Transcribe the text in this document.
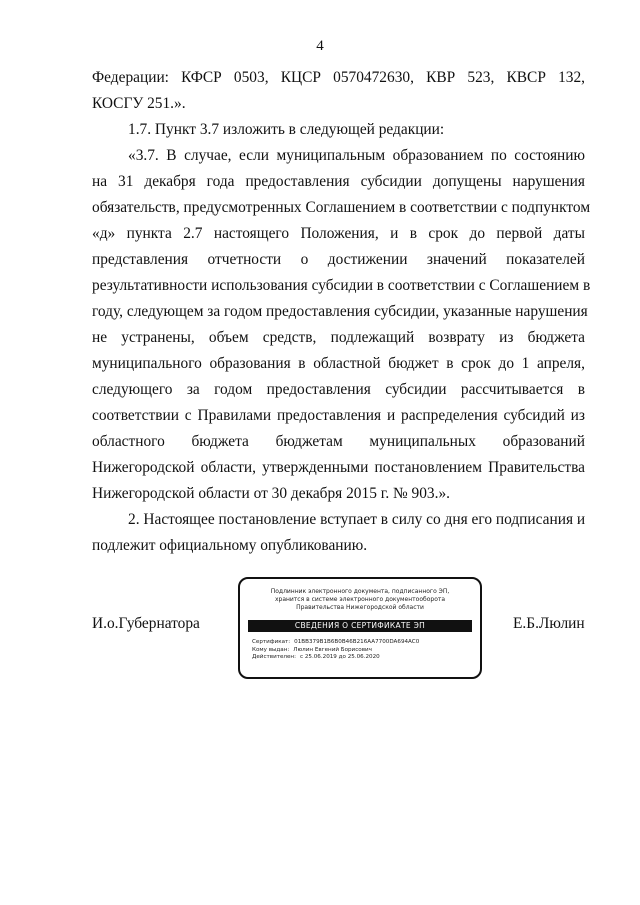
4
Федерации: КФСР 0503, КЦСР 0570472630, КВР 523, КВСР 132,
КОСГУ 251.».
1.7. Пункт 3.7 изложить в следующей редакции:
«3.7. В случае, если муниципальным образованием по состоянию
на 31 декабря года предоставления субсидии допущены нарушения
обязательств, предусмотренных Соглашением в соответствии с подпунктом
«д» пункта 2.7 настоящего Положения, и в срок до первой даты
представления отчетности о достижении значений показателей
результативности использования субсидии в соответствии с Соглашением в
году, следующем за годом предоставления субсидии, указанные нарушения
не устранены, объем средств, подлежащий возврату из бюджета
муниципального образования в областной бюджет в срок до 1 апреля,
следующего за годом предоставления субсидии рассчитывается в
соответствии с Правилами предоставления и распределения субсидий из
областного бюджета бюджетам муниципальных образований
Нижегородской области, утвержденными постановлением Правительства
Нижегородской области от 30 декабря 2015 г. № 903.».
2. Настоящее постановление вступает в силу со дня его подписания и
подлежит официальному опубликованию.
И.о.Губернатора
Подлинник электронного документа, подписанного ЭП,
хранится в системе электронного документооборота
Правительства Нижегородской области
СВЕДЕНИЯ О СЕРТИФИКАТЕ ЭП
Сертификат: 01BB379B1B6B0B46B216AA7700DA694AC0
Кому выдан: Люлин Евгений Борисович
Действителен: с 25.06.2019 до 25.06.2020
Е.Б.Люлин
